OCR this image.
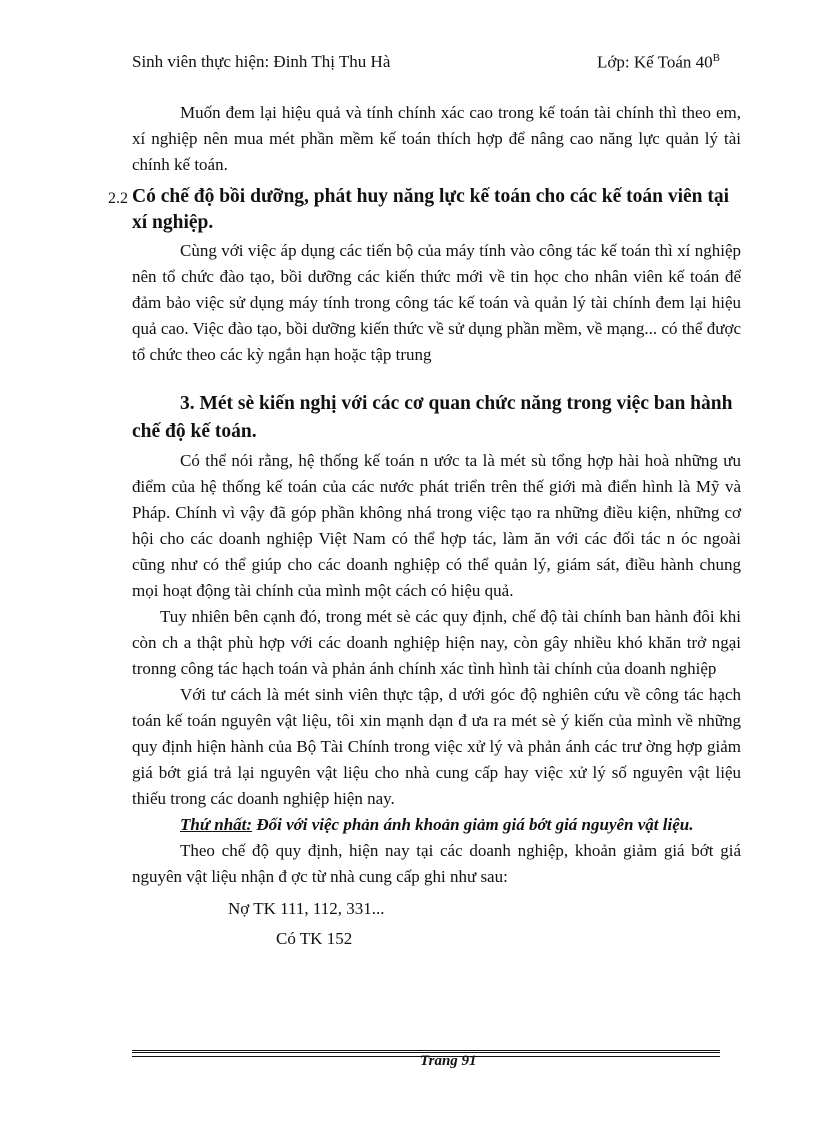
Sinh viên thực hiện: Đinh Thị Thu Hà	Lớp: Kế Toán $40^B$

Muốn đem lại hiệu quả và tính chính xác cao trong kế toán tài chính thì theo em, xí nghiệp nên mua mét phần mềm kế toán thích hợp để nâng cao năng lực quản lý tài chính kế toán.

2.2 Có chế độ bồi dưỡng, phát huy năng lực kế toán cho các kế toán viên tại xí nghiệp.

Cùng với việc áp dụng các tiến bộ của máy tính vào công tác kế toán thì xí nghiệp nên tổ chức đào tạo, bồi dưỡng các kiến thức mới về tin học cho nhân viên kế toán để đảm bảo việc sử dụng máy tính trong công tác kế toán và quản lý tài chính đem lại hiệu quả cao. Việc đào tạo, bồi dưỡng kiến thức về sử dụng phần mềm, về mạng... có thể được tổ chức theo các kỳ ngắn hạn hoặc tập trung

3. Mét sè kiến nghị với các cơ quan chức năng trong việc ban hành chế độ kế toán.

Có thể nói rằng, hệ thống kế toán n ước ta là mét sù tổng hợp hài hoà những ưu điểm của hệ thống kế toán của các nước phát triển trên thế giới mà điển hình là Mỹ và Pháp. Chính vì vậy đã góp phần không nhá trong việc tạo ra những điều kiện, những cơ hội cho các doanh nghiệp Việt Nam có thể hợp tác, làm ăn với các đối tác n óc ngoài cũng như có thể giúp cho các doanh nghiệp có thể quản lý, giám sát, điều hành chung mọi hoạt động tài chính của mình một cách có hiệu quả.

Tuy nhiên bên cạnh đó, trong mét sè các quy định, chế độ tài chính ban hành đôi khi còn ch a thật phù hợp với các doanh nghiệp hiện nay, còn gây nhiều khó khăn trở ngại tronng công tác hạch toán và phản ánh chính xác tình hình tài chính của doanh nghiệp

Với tư cách là mét sinh viên thực tập, d ưới góc độ nghiên cứu về công tác hạch toán kế toán nguyên vật liệu, tôi xin mạnh dạn đ ưa ra mét sè ý kiến của mình về những quy định hiện hành của Bộ Tài Chính trong việc xử lý và phản ánh các trư ờng hợp giảm giá bớt giá trả lại nguyên vật liệu cho nhà cung cấp hay việc xử lý số nguyên vật liệu thiếu trong các doanh nghiệp hiện nay.

Thứ nhất: Đối với việc phản ánh khoản giảm giá bớt giá nguyên vật liệu.

Theo chế độ quy định, hiện nay tại các doanh nghiệp, khoản giảm giá bớt giá nguyên vật liệu nhận đ ợc từ nhà cung cấp ghi như sau:

Nợ TK 111, 112, 331...
Có TK 152
Trang 91
